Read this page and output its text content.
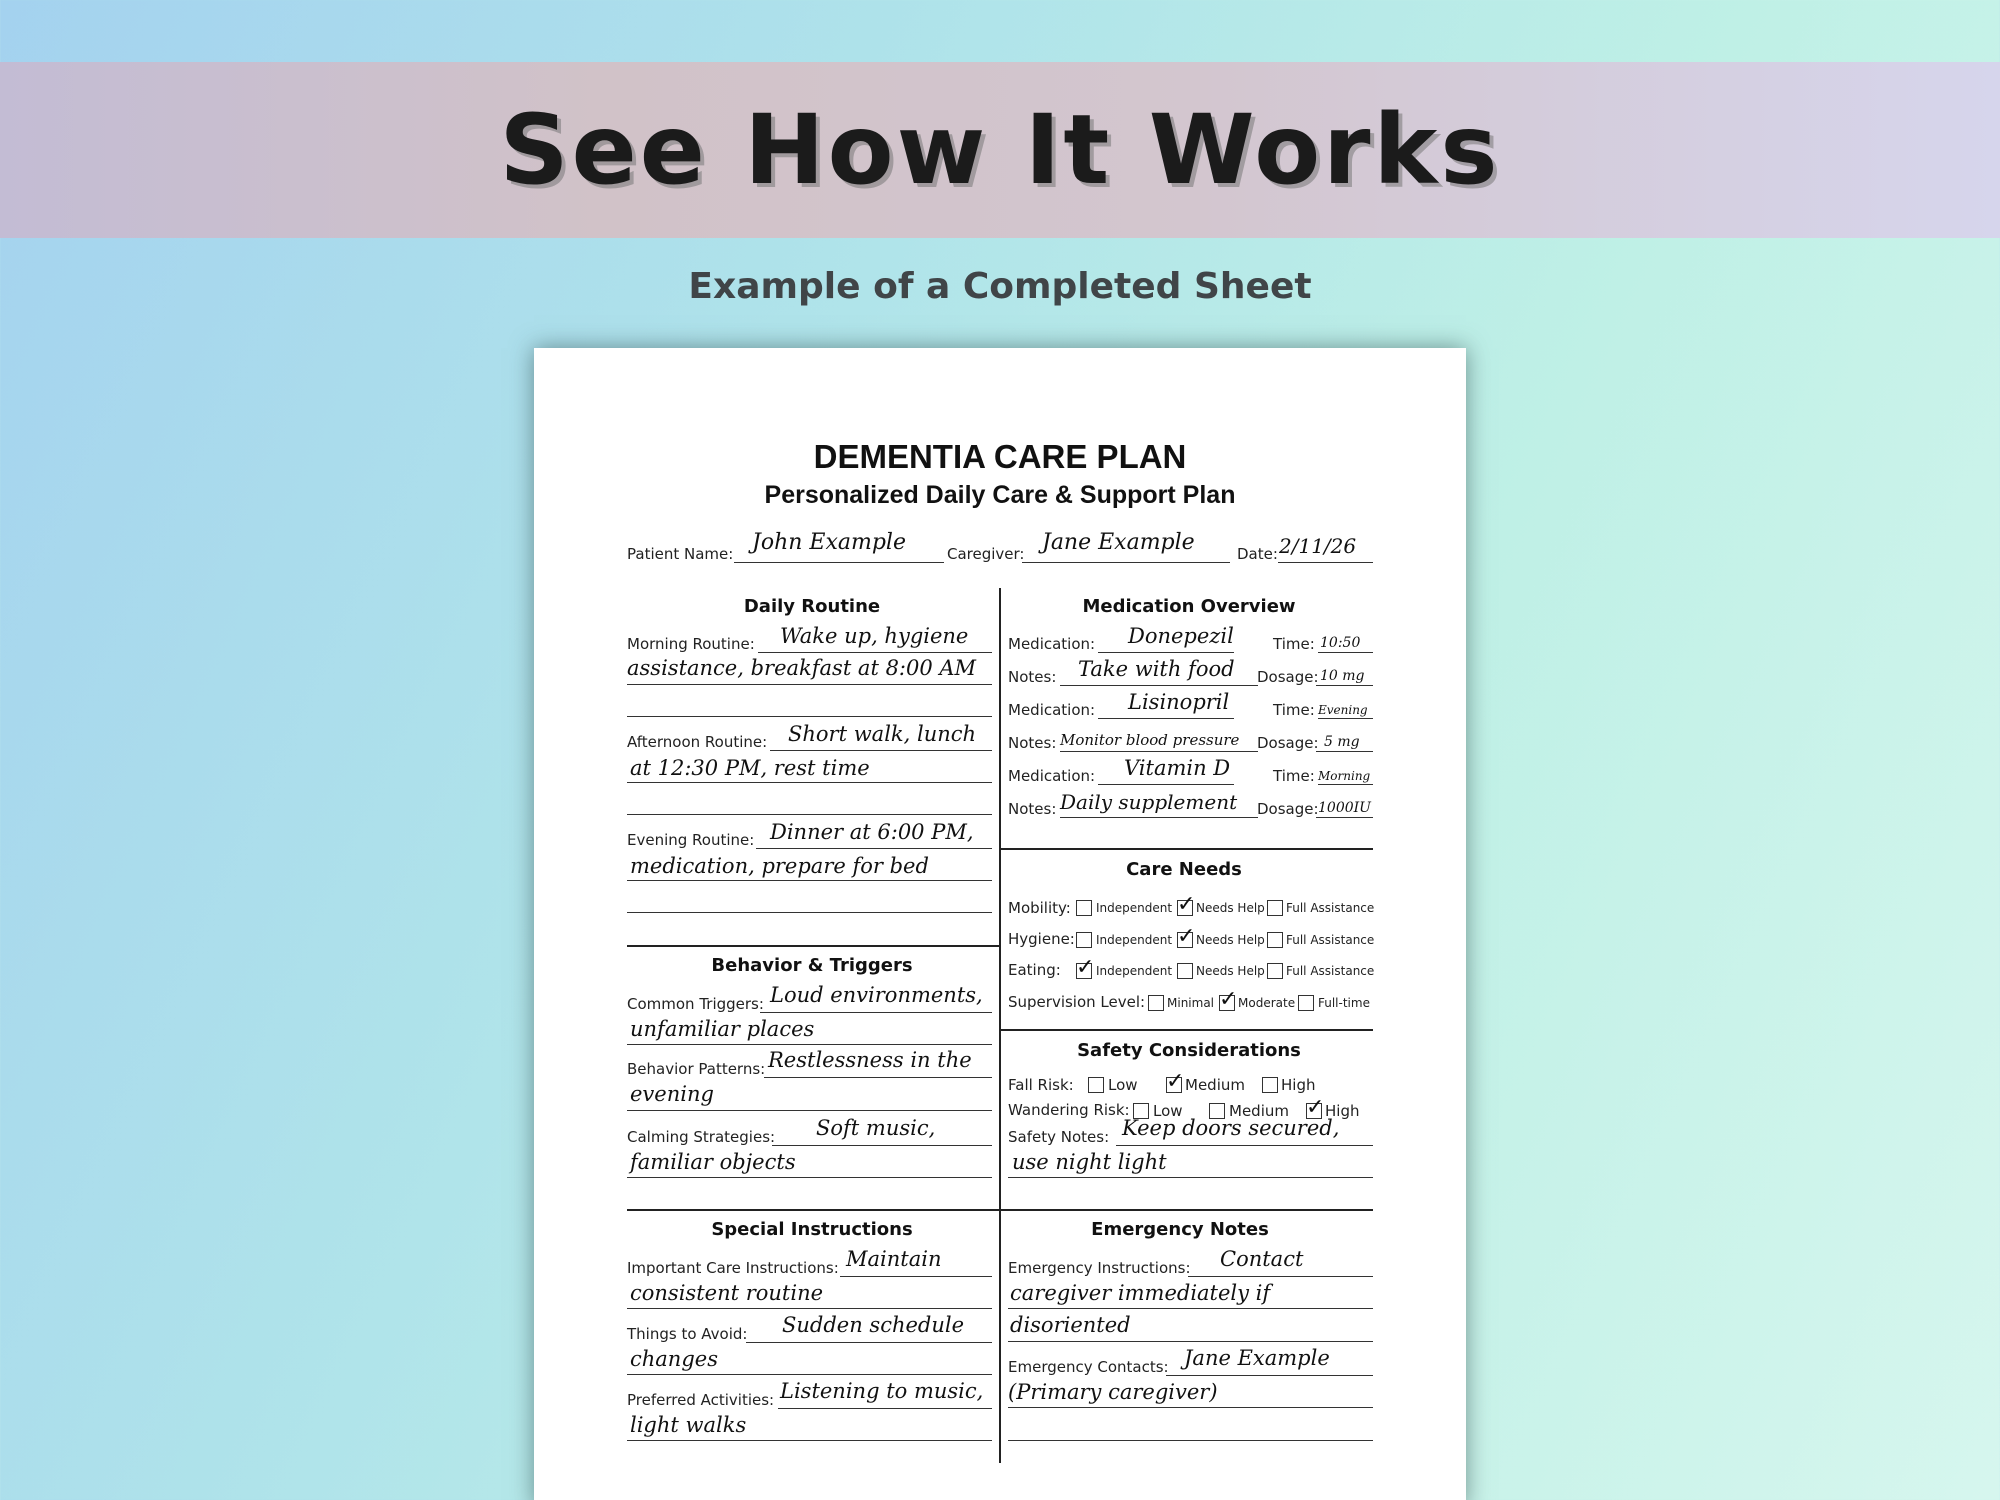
See How It Works
Example of a Completed Sheet
DEMENTIA CARE PLAN
Personalized Daily Care & Support Plan
Patient Name: John Example	Caregiver: Jane Example	Date: 2/11/26
Daily Routine
Morning Routine: Wake up, hygiene
assistance, breakfast at 8:00 AM
Afternoon Routine: Short walk, lunch
at 12:30 PM, rest time
Evening Routine: Dinner at 6:00 PM,
medication, prepare for bed
Medication Overview
Medication: Donepezil	Time: 10:50
Notes: Take with food Dosage: 10 mg
Medication: Lisinopril	Time: Evening
Notes: Monitor blood pressure Dosage: 5 mg
Medication: Vitamin D	Time: Morning
Notes: Daily supplement Dosage: 1000IU
Care Needs
Mobility: Independent ✓ Needs Help Full Assistance
Hygiene: Independent ✓ Needs Help Full Assistance
Eating: ✓ Independent Needs Help Full Assistance
Supervision Level: Minimal ✓ Moderate Full-time
Behavior & Triggers
Common Triggers: Loud environments,
unfamiliar places
Behavior Patterns: Restlessness in the
evening
Calming Strategies: Soft music,
familiar objects
Safety Considerations
Fall Risk: Low ✓ Medium High
Wandering Risk: Low	Medium ✓ High
Safety Notes: Keep doors secured,
use night light
Special Instructions
Important Care Instructions: Maintain
consistent routine
Things to Avoid: Sudden schedule
changes
Preferred Activities: Listening to music,
light walks
Emergency Notes
Emergency Instructions: Contact
caregiver immediately if
disoriented
Emergency Contacts: Jane Example
(Primary caregiver)
